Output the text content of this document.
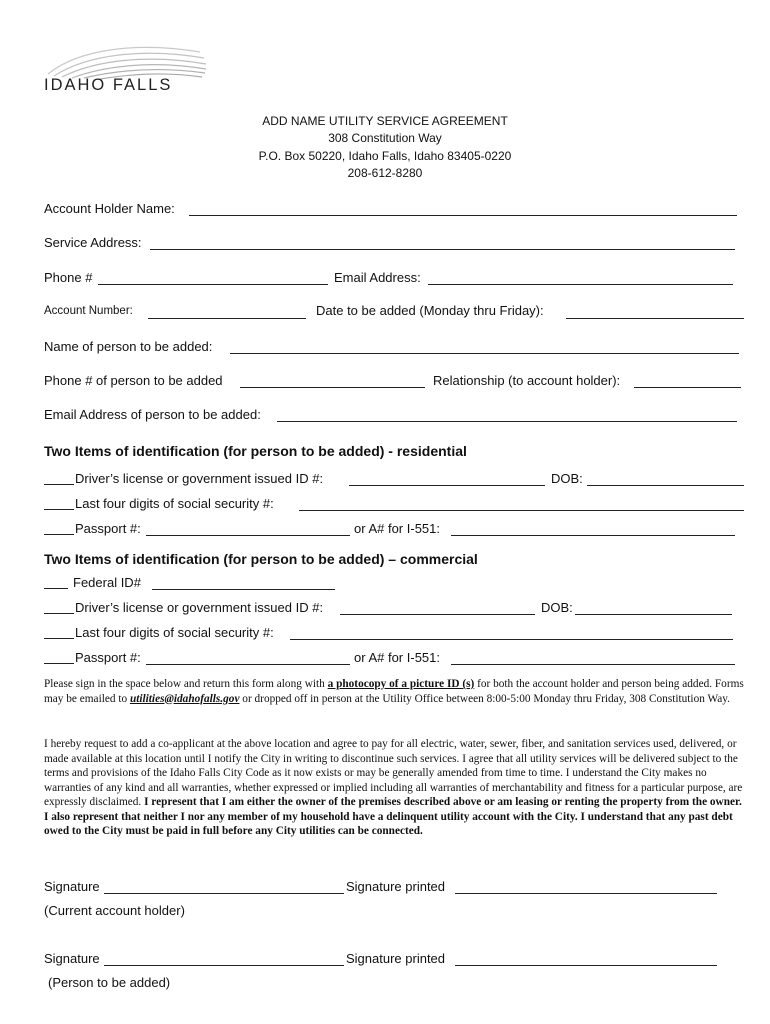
IDAHO FALLS
ADD NAME UTILITY SERVICE AGREEMENT
308 Constitution Way
P.O. Box 50220, Idaho Falls, Idaho 83405-0220
208-612-8280
Account Holder Name:
Service Address:
Phone #	Email Address:
Account Number:	Date to be added (Monday thru Friday):
Name of person to be added:
Phone # of person to be added	Relationship (to account holder):
Email Address of person to be added:
Two Items of identification (for person to be added) - residential
Driver’s license or government issued ID #:	DOB:
Last four digits of social security #:
Passport #:	or A# for I-551:
Two Items of identification (for person to be added) – commercial
Federal ID#
Driver’s license or government issued ID #:	DOB:
Last four digits of social security #:
Passport #:	or A# for I-551:
Please sign in the space below and return this form along with a photocopy of a picture ID (s) for both the account holder and person being added. Forms may be emailed to utilities@idahofalls.gov or dropped off in person at the Utility Office between 8:00-5:00 Monday thru Friday, 308 Constitution Way.
I hereby request to add a co-applicant at the above location and agree to pay for all electric, water, sewer, fiber, and sanitation services used, delivered, or made available at this location until I notify the City in writing to discontinue such services. I agree that all utility services will be delivered subject to the terms and provisions of the Idaho Falls City Code as it now exists or may be generally amended from time to time. I understand the City makes no warranties of any kind and all warranties, whether expressed or implied including all warranties of merchantability and fitness for a particular purpose, are expressly disclaimed. I represent that I am either the owner of the premises described above or am leasing or renting the property from the owner. I also represent that neither I nor any member of my household have a delinquent utility account with the City. I understand that any past debt owed to the City must be paid in full before any City utilities can be connected.
Signature	Signature printed
(Current account holder)
Signature	Signature printed
(Person to be added)
